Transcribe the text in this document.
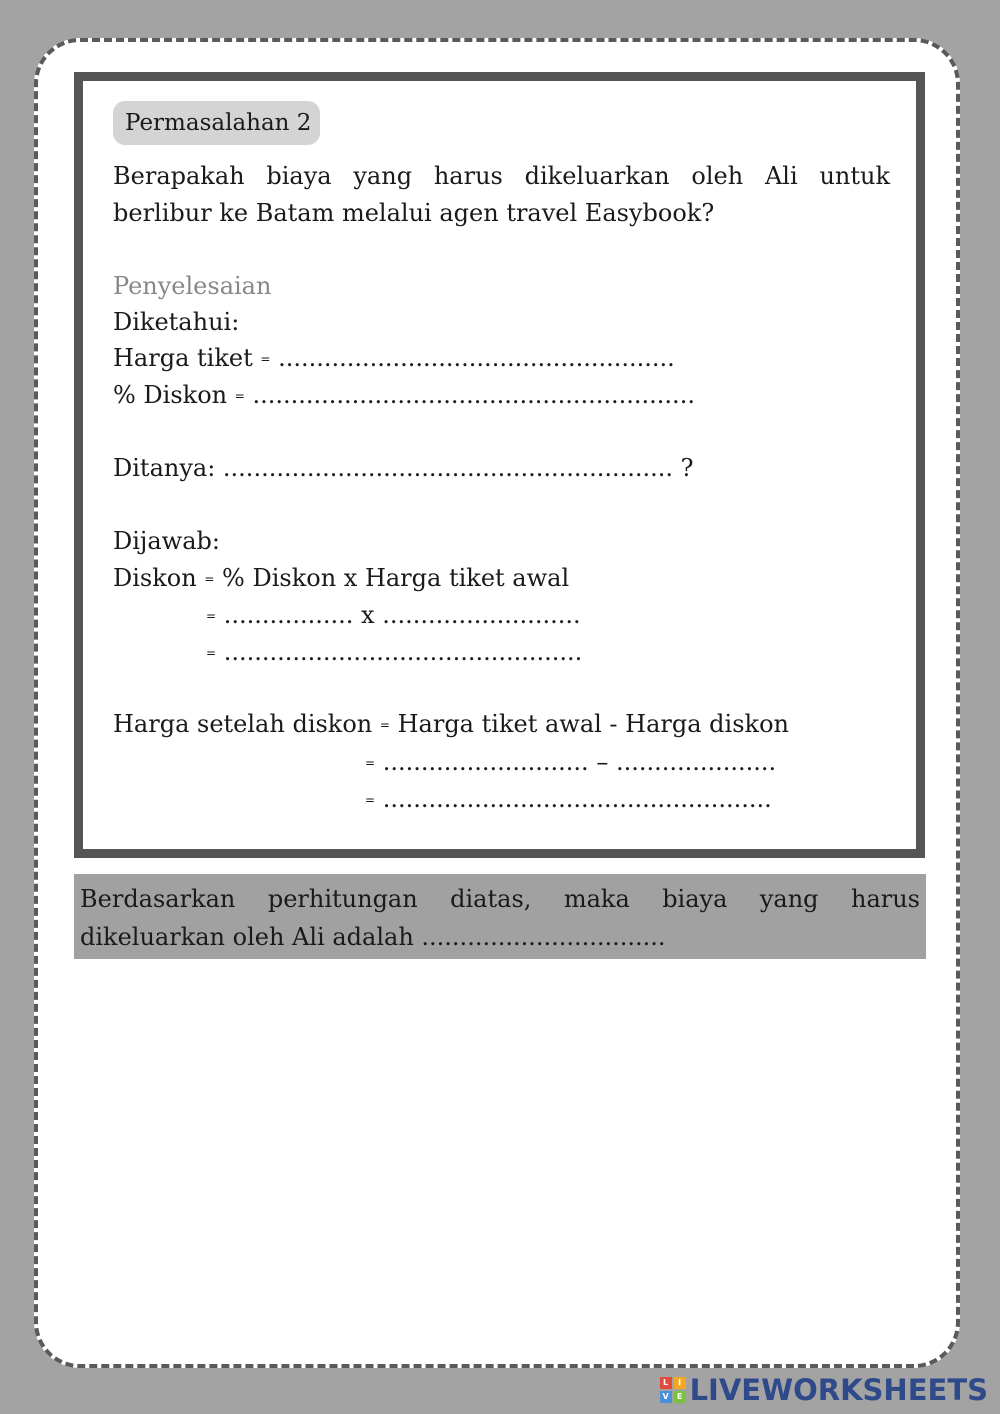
Permasalahan 2
Berapakah biaya yang harus dikeluarkan oleh Ali untuk berlibur ke Batam melalui agen travel Easybook?
Penyelesaian
Diketahui:
Harga tiket = ....................................................
% Diskon = ..........................................................
Ditanya: ........................................................... ?
Dijawab:
Diskon = % Diskon x Harga tiket awal
= ................. x ..........................
= ...............................................
Harga setelah diskon = Harga tiket awal - Harga diskon
= ........................... – .....................
= ...................................................
Berdasarkan perhitungan diatas, maka biaya yang harus dikeluarkan oleh Ali adalah ................................
L	I
V	E LIVEWORKSHEETS
